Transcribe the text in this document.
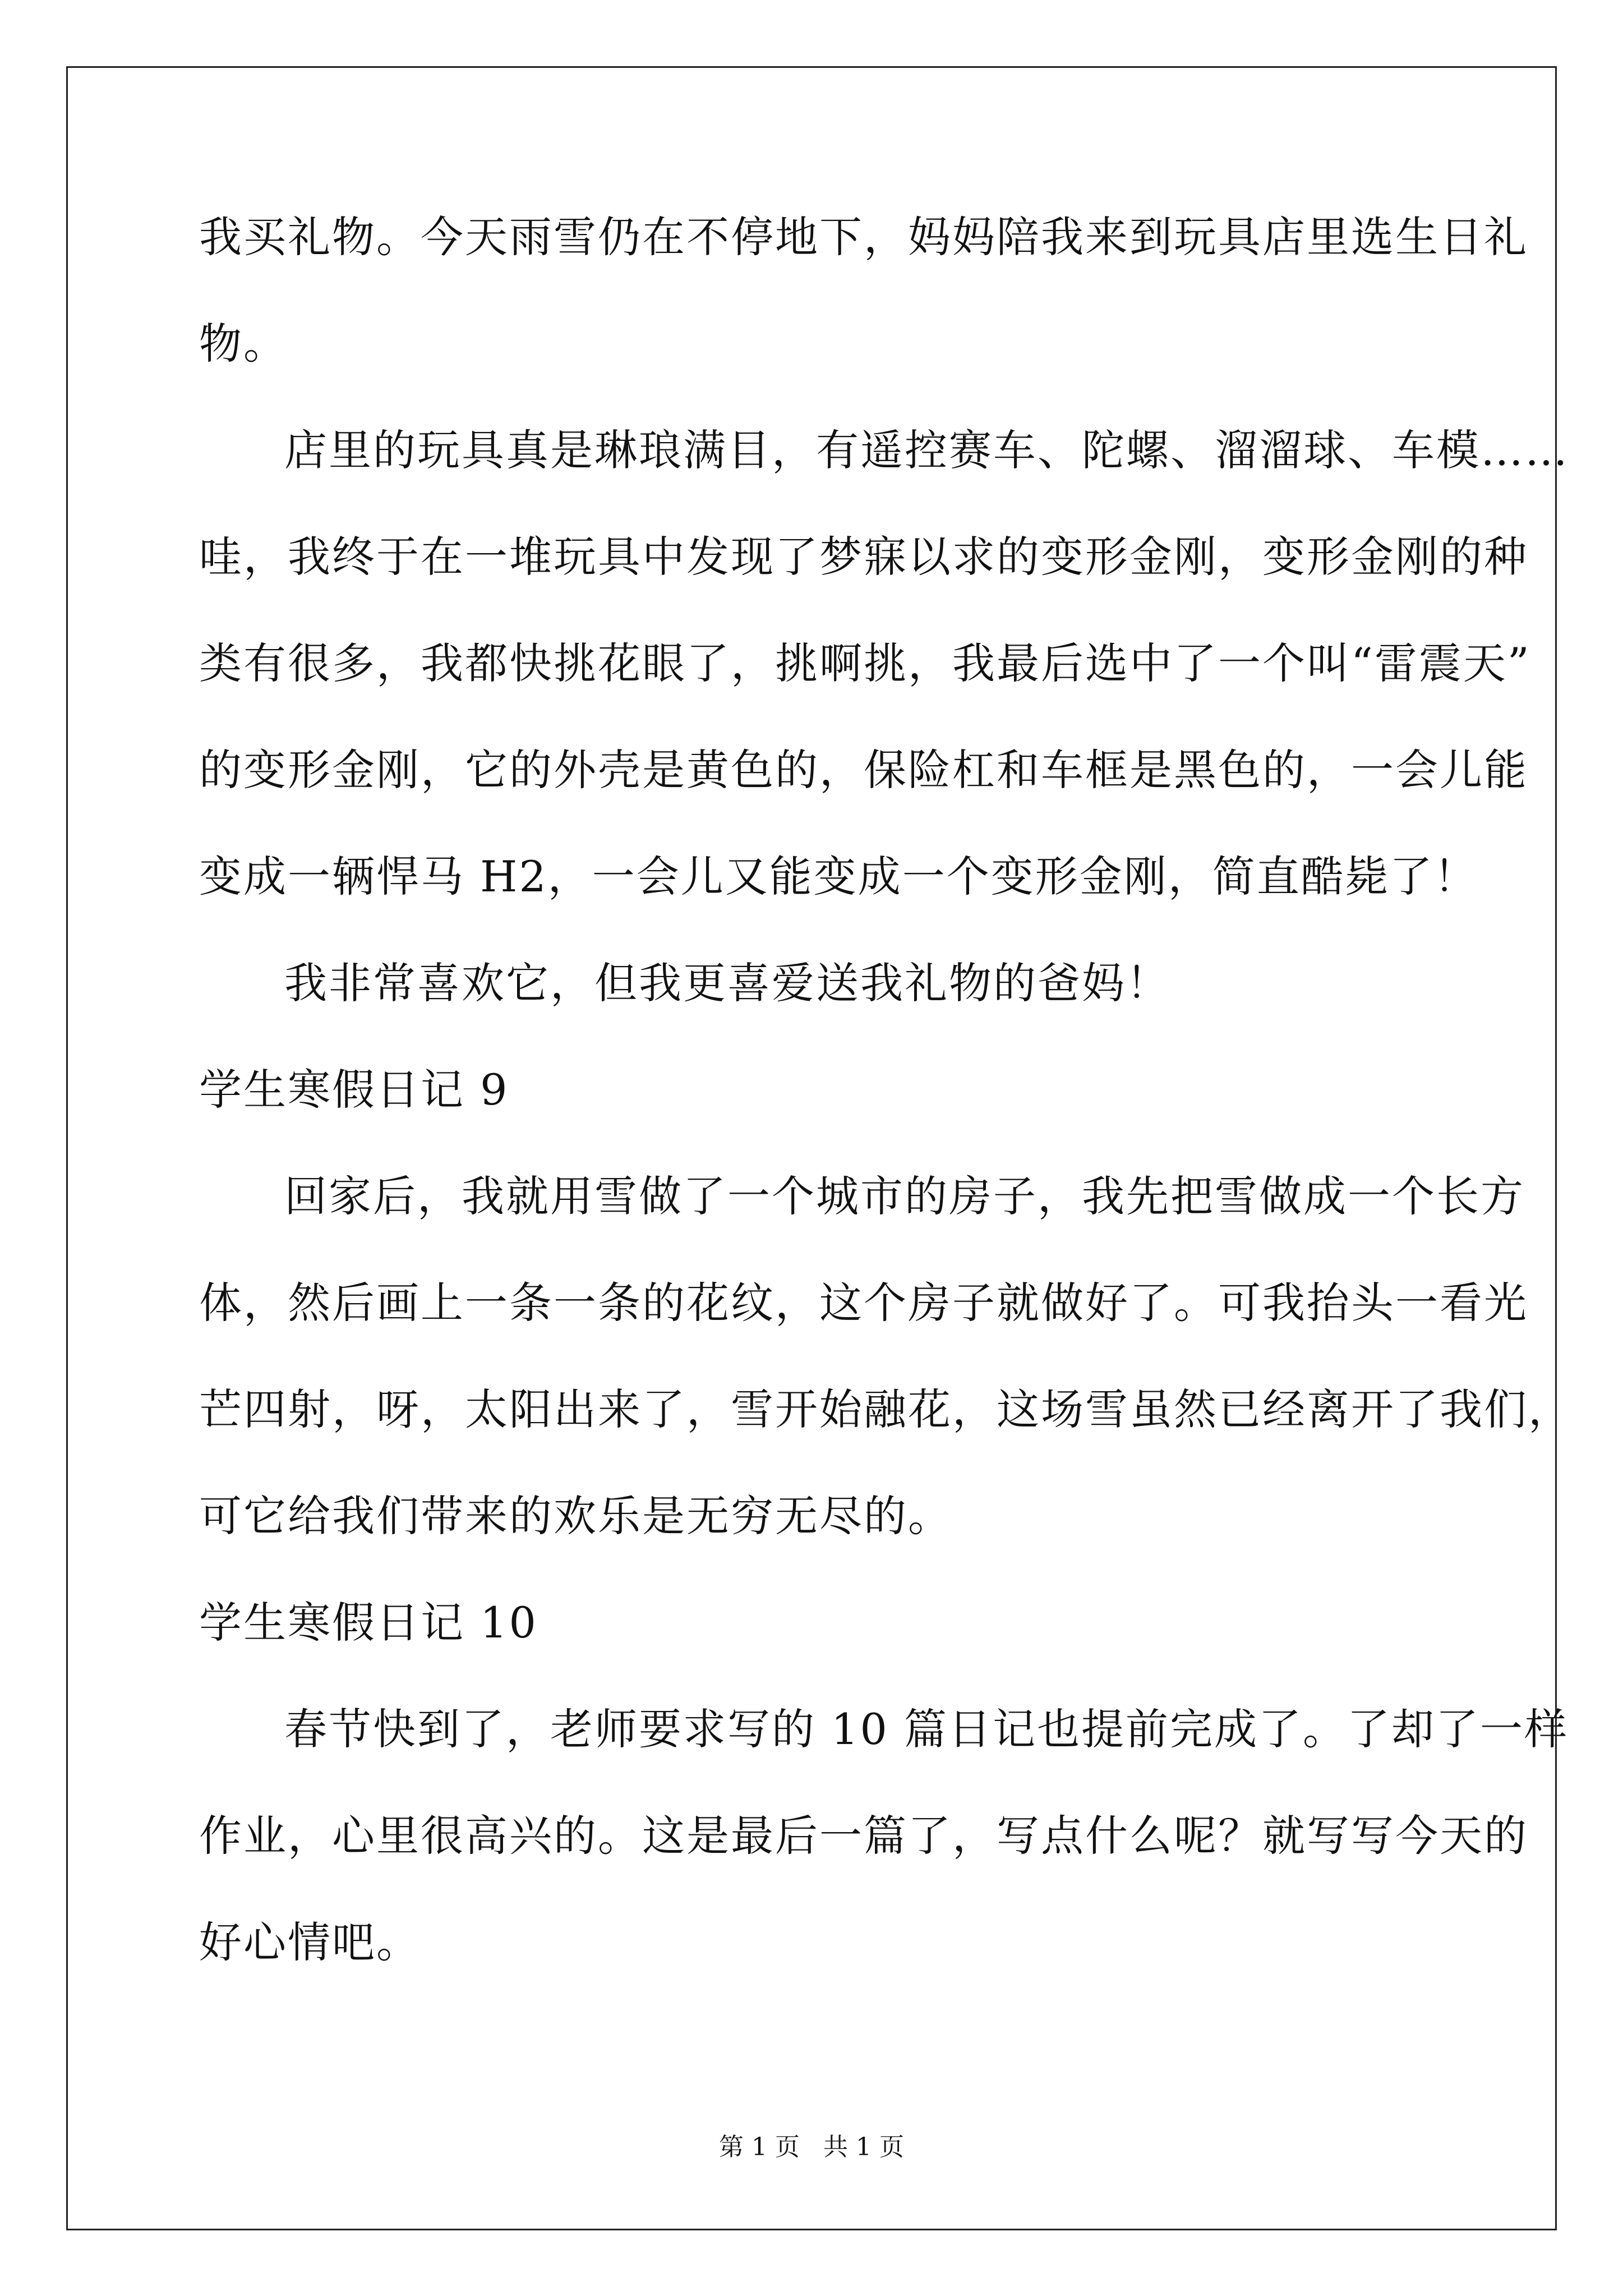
我买礼物。今天雨雪仍在不停地下，妈妈陪我来到玩具店里选生日礼

物。

店里的玩具真是琳琅满目，有遥控赛车、陀螺、溜溜球、车模……

哇，我终于在一堆玩具中发现了梦寐以求的变形金刚，变形金刚的种

类有很多，我都快挑花眼了，挑啊挑，我最后选中了一个叫“雷震天”

的变形金刚，它的外壳是黄色的，保险杠和车框是黑色的，一会儿能

变成一辆悍马 H2，一会儿又能变成一个变形金刚，简直酷毙了！

我非常喜欢它，但我更喜爱送我礼物的爸妈！

学生寒假日记 9

回家后，我就用雪做了一个城市的房子，我先把雪做成一个长方

体，然后画上一条一条的花纹，这个房子就做好了。可我抬头一看光

芒四射，呀，太阳出来了，雪开始融花，这场雪虽然已经离开了我们，

可它给我们带来的欢乐是无穷无尽的。

学生寒假日记 10

春节快到了，老师要求写的 10 篇日记也提前完成了。了却了一样

作业，心里很高兴的。这是最后一篇了，写点什么呢？就写写今天的

好心情吧。

第 1 页   共 1 页
